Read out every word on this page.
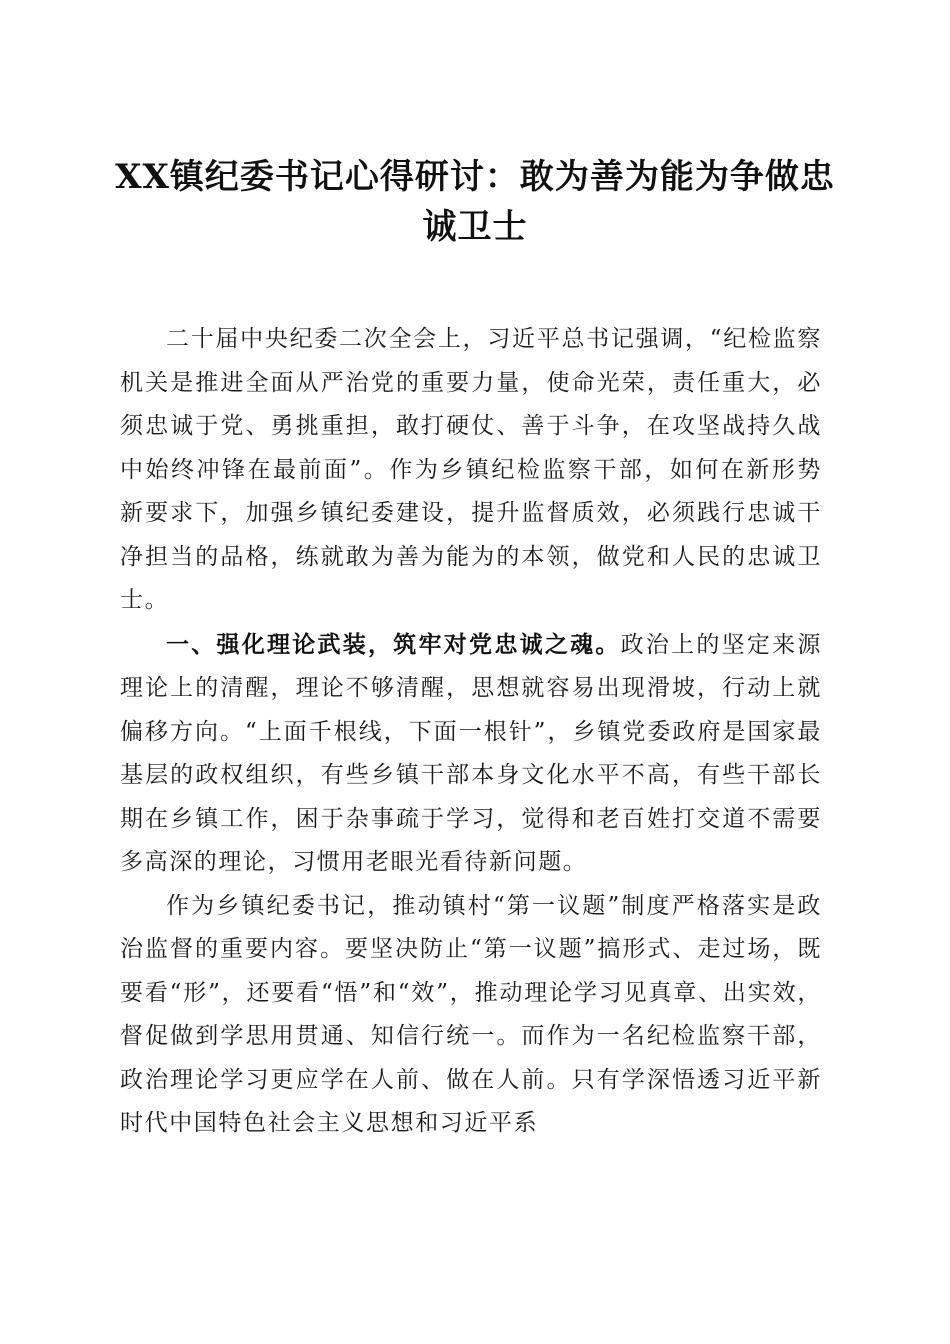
XX镇纪委书记心得研讨：敢为善为能为争做忠诚卫士

二十届中央纪委二次全会上，习近平总书记强调，“纪检监察机关是推进全面从严治党的重要力量，使命光荣，责任重大，必须忠诚于党、勇挑重担，敢打硬仗、善于斗争，在攻坚战持久战中始终冲锋在最前面”。作为乡镇纪检监察干部，如何在新形势新要求下，加强乡镇纪委建设，提升监督质效，必须践行忠诚干净担当的品格，练就敢为善为能为的本领，做党和人民的忠诚卫士。

一、强化理论武装，筑牢对党忠诚之魂。政治上的坚定来源理论上的清醒，理论不够清醒，思想就容易出现滑坡，行动上就偏移方向。“上面千根线，下面一根针”，乡镇党委政府是国家最基层的政权组织，有些乡镇干部本身文化水平不高，有些干部长期在乡镇工作，困于杂事疏于学习，觉得和老百姓打交道不需要多高深的理论，习惯用老眼光看待新问题。

作为乡镇纪委书记，推动镇村“第一议题”制度严格落实是政治监督的重要内容。要坚决防止“第一议题”搞形式、走过场，既要看“形”，还要看“悟”和“效”，推动理论学习见真章、出实效，督促做到学思用贯通、知信行统一。而作为一名纪检监察干部，政治理论学习更应学在人前、做在人前。只有学深悟透习近平新时代中国特色社会主义思想和习近平系
